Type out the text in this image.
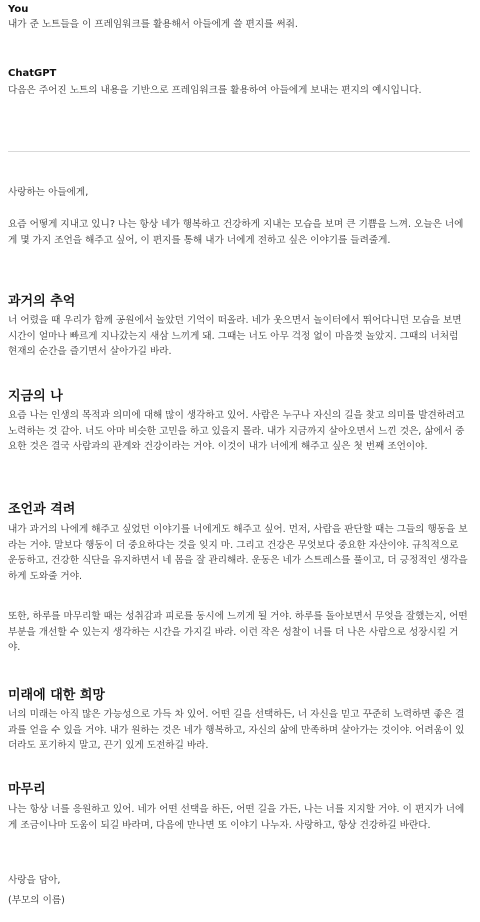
You
내가 준 노트들을 이 프레임워크를 활용해서 아들에게 쓸 편지를 써줘.
ChatGPT
다음은 주어진 노트의 내용을 기반으로 프레임워크를 활용하여 아들에게 보내는 편지의 예시입니다.

사랑하는 아들에게,

요즘 어떻게 지내고 있니? 나는 항상 네가 행복하고 건강하게 지내는 모습을 보며 큰 기쁨을 느껴. 오늘은 너에게 몇 가지 조언을 해주고 싶어, 이 편지를 통해 내가 너에게 전하고 싶은 이야기를 들려줄게.

과거의 추억

너 어렸을 때 우리가 함께 공원에서 놀았던 기억이 떠올라. 네가 웃으면서 놀이터에서 뛰어다니던 모습을 보면 시간이 얼마나 빠르게 지나갔는지 새삼 느끼게 돼. 그때는 너도 아무 걱정 없이 마음껏 놀았지. 그때의 너처럼 현재의 순간을 즐기면서 살아가길 바라.

지금의 나

요즘 나는 인생의 목적과 의미에 대해 많이 생각하고 있어. 사람은 누구나 자신의 길을 찾고 의미를 발견하려고 노력하는 것 같아. 너도 아마 비슷한 고민을 하고 있을지 몰라. 내가 지금까지 살아오면서 느낀 것은, 삶에서 중요한 것은 결국 사람과의 관계와 건강이라는 거야. 이것이 내가 너에게 해주고 싶은 첫 번째 조언이야.

조언과 격려

내가 과거의 나에게 해주고 싶었던 이야기를 너에게도 해주고 싶어. 먼저, 사람을 판단할 때는 그들의 행동을 보라는 거야. 말보다 행동이 더 중요하다는 것을 잊지 마. 그리고 건강은 무엇보다 중요한 자산이야. 규칙적으로 운동하고, 건강한 식단을 유지하면서 네 몸을 잘 관리해라. 운동은 네가 스트레스를 풀이고, 더 긍정적인 생각을 하게 도와줄 거야.

또한, 하루를 마무리할 때는 성취감과 피로를 동시에 느끼게 될 거야. 하루를 돌아보면서 무엇을 잘했는지, 어떤 부분을 개선할 수 있는지 생각하는 시간을 가지길 바라. 이런 작은 성찰이 너를 더 나은 사람으로 성장시킬 거야.

미래에 대한 희망

너의 미래는 아직 많은 가능성으로 가득 차 있어. 어떤 길을 선택하든, 너 자신을 믿고 꾸준히 노력하면 좋은 결과를 얻을 수 있을 거야. 내가 원하는 것은 네가 행복하고, 자신의 삶에 만족하며 살아가는 것이야. 어려움이 있더라도 포기하지 말고, 끈기 있게 도전하길 바라.

마무리

나는 항상 너를 응원하고 있어. 네가 어떤 선택을 하든, 어떤 길을 가든, 나는 너를 지지할 거야. 이 편지가 너에게 조금이나마 도움이 되길 바라며, 다음에 만나면 또 이야기 나누자. 사랑하고, 항상 건강하길 바란다.

사랑을 담아,

(부모의 이름)
